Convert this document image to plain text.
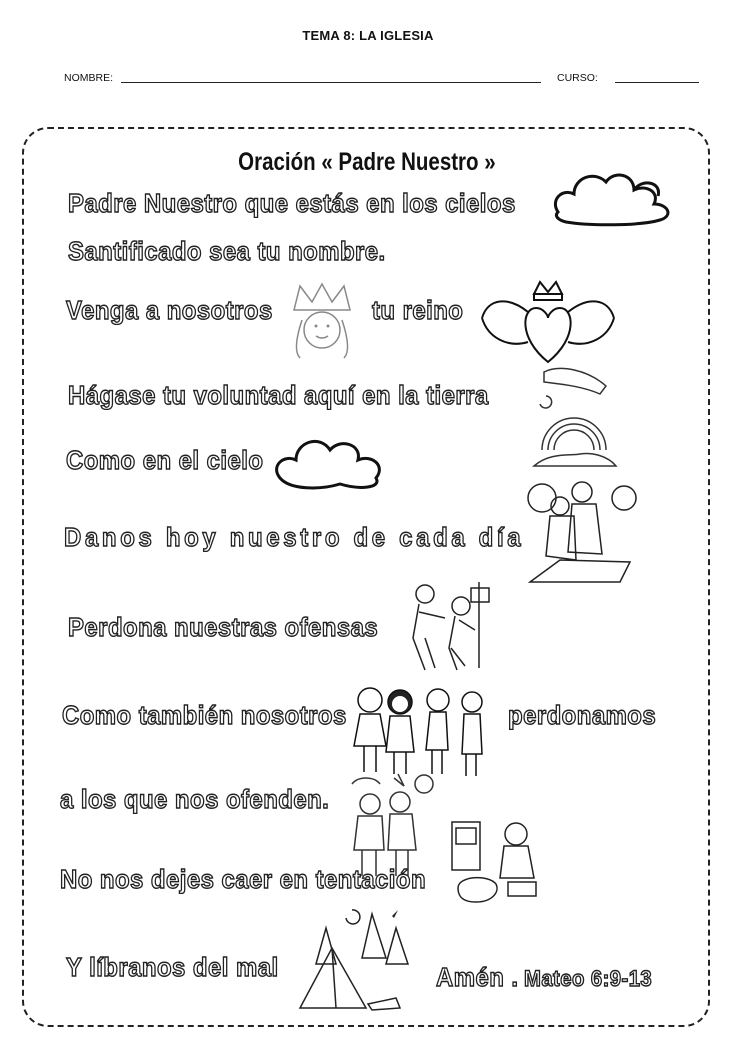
TEMA 8: LA IGLESIA
NOMBRE:	CURSO:
Oración « Padre Nuestro »
Padre Nuestro que estás en los cielos
Santificado sea tu nombre.
Venga a nosotros	tu reino
Hágase tu voluntad aquí en la tierra
Como en el cielo
Danos hoy nuestro de cada día
Perdona nuestras ofensas
Como también nosotros	perdonamos
a los que nos ofenden.
No nos dejes caer en tentación
Y líbranos del mal	Amén . Mateo 6:9-13
